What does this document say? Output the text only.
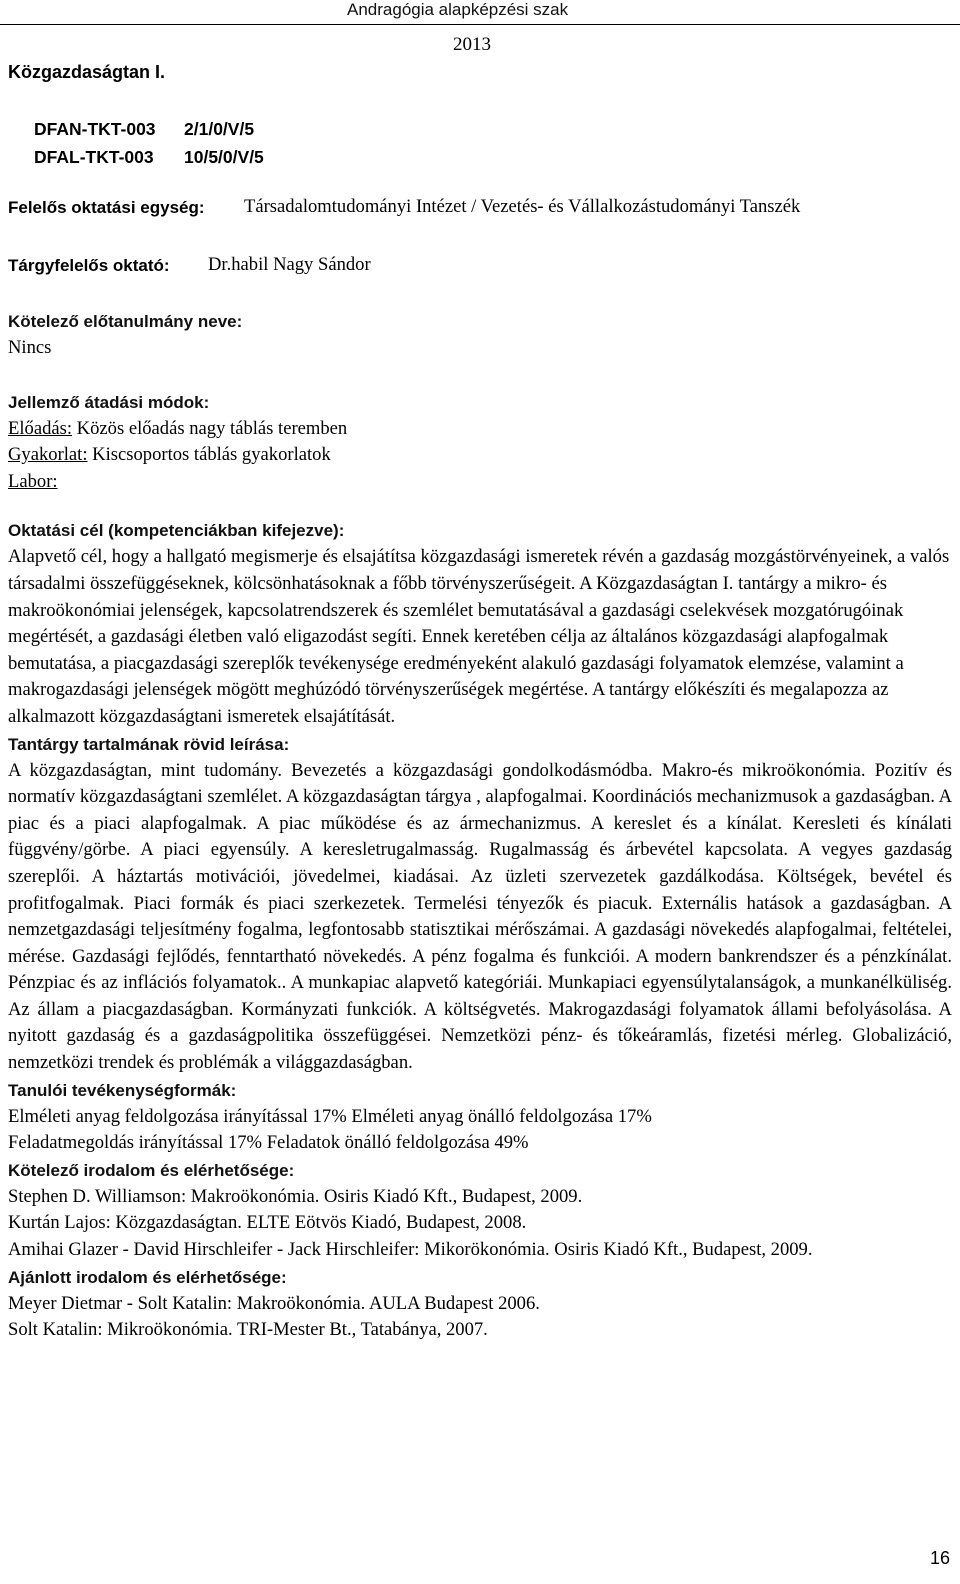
Andragógia alapképzési szak
2013
Közgazdaságtan I.
DFAN-TKT-003 2/1/0/V/5
DFAL-TKT-003 10/5/0/V/5
Felelős oktatási egység: Társadalomtudományi Intézet / Vezetés- és Vállalkozástudományi Tanszék
Tárgyfelelős oktató: Dr.habil Nagy Sándor
Kötelező előtanulmány neve:
Nincs
Jellemző átadási módok:
Előadás: Közös előadás nagy táblás teremben
Gyakorlat: Kiscsoportos táblás gyakorlatok
Labor:
Oktatási cél (kompetenciákban kifejezve):
Alapvető cél, hogy a hallgató megismerje és elsajátítsa közgazdasági ismeretek révén a gazdaság mozgástörvényeinek, a valós társadalmi összefüggéseknek, kölcsönhatásoknak a főbb törvényszerűségeit. A Közgazdaságtan I. tantárgy a mikro- és makroökonómiai jelenségek, kapcsolatrendszerek és szemlélet bemutatásával a gazdasági cselekvések mozgatórugóinak megértését, a gazdasági életben való eligazodást segíti. Ennek keretében célja az általános közgazdasági alapfogalmak bemutatása, a piacgazdasági szereplők tevékenysége eredményeként alakuló gazdasági folyamatok elemzése, valamint a makrogazdasági jelenségek mögött meghúzódó törvényszerűségek megértése. A tantárgy előkészíti és megalapozza az alkalmazott közgazdaságtani ismeretek elsajátítását.
Tantárgy tartalmának rövid leírása:
A közgazdaságtan, mint tudomány. Bevezetés a közgazdasági gondolkodásmódba. Makro-és mikroökonómia. Pozitív és normatív közgazdaságtani szemlélet. A közgazdaságtan tárgya , alapfogalmai. Koordinációs mechanizmusok a gazdaságban. A piac és a piaci alapfogalmak. A piac működése és az ármechanizmus. A kereslet és a kínálat. Keresleti és kínálati függvény/görbe. A piaci egyensúly. A keresletrugalmasság. Rugalmasság és árbevétel kapcsolata. A vegyes gazdaság szereplői. A háztartás motivációi, jövedelmei, kiadásai. Az üzleti szervezetek gazdálkodása. Költségek, bevétel és profitfogalmak. Piaci formák és piaci szerkezetek. Termelési tényezők és piacuk. Externális hatások a gazdaságban. A nemzetgazdasági teljesítmény fogalma, legfontosabb statisztikai mérőszámai. A gazdasági növekedés alapfogalmai, feltételei, mérése. Gazdasági fejlődés, fenntartható növekedés. A pénz fogalma és funkciói. A modern bankrendszer és a pénzkínálat. Pénzpiac és az inflációs folyamatok.. A munkapiac alapvető kategóriái. Munkapiaci egyensúlytalanságok, a munkanélküliség. Az állam a piacgazdaságban. Kormányzati funkciók. A költségvetés. Makrogazdasági folyamatok állami befolyásolása. A nyitott gazdaság és a gazdaságpolitika összefüggései. Nemzetközi pénz- és tőkeáramlás, fizetési mérleg. Globalizáció, nemzetközi trendek és problémák a világgazdaságban.
Tanulói tevékenységformák:
Elméleti anyag feldolgozása irányítással 17% Elméleti anyag önálló feldolgozása 17%
Feladatmegoldás irányítással 17% Feladatok önálló feldolgozása 49%
Kötelező irodalom és elérhetősége:
Stephen D. Williamson: Makroökonómia. Osiris Kiadó Kft., Budapest, 2009.
Kurtán Lajos: Közgazdaságtan. ELTE Eötvös Kiadó, Budapest, 2008.
Amihai Glazer - David Hirschleifer - Jack Hirschleifer: Mikorökonómia. Osiris Kiadó Kft., Budapest, 2009.
Ajánlott irodalom és elérhetősége:
Meyer Dietmar - Solt Katalin: Makroökonómia. AULA Budapest 2006.
Solt Katalin: Mikroökonómia. TRI-Mester Bt., Tatabánya, 2007.
16
